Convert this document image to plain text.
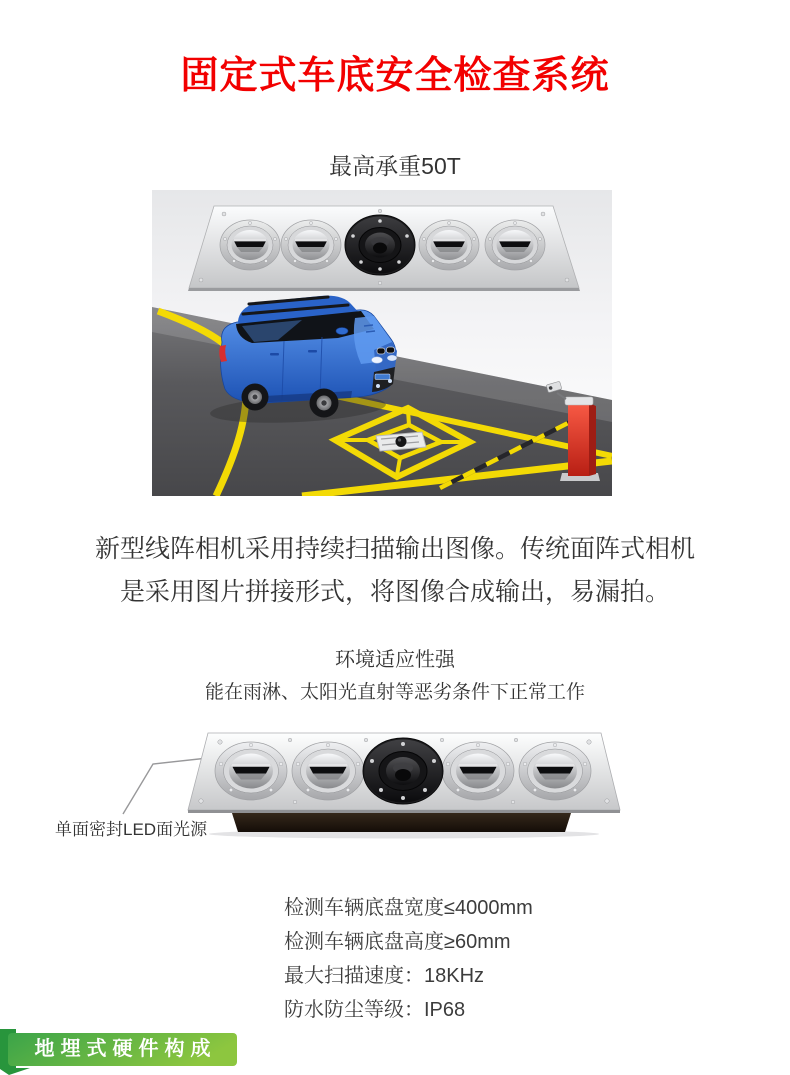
固定式车底安全检查系统
最高承重50T
新型线阵相机采用持续扫描输出图像。传统面阵式相机
是采用图片拼接形式，将图像合成输出，易漏拍。
环境适应性强
能在雨淋、太阳光直射等恶劣条件下正常工作
单面密封LED面光源
检测车辆底盘宽度≤4000mm
检测车辆底盘高度≥60mm
最大扫描速度：18KHz
防水防尘等级：IP68
地埋式硬件构成
